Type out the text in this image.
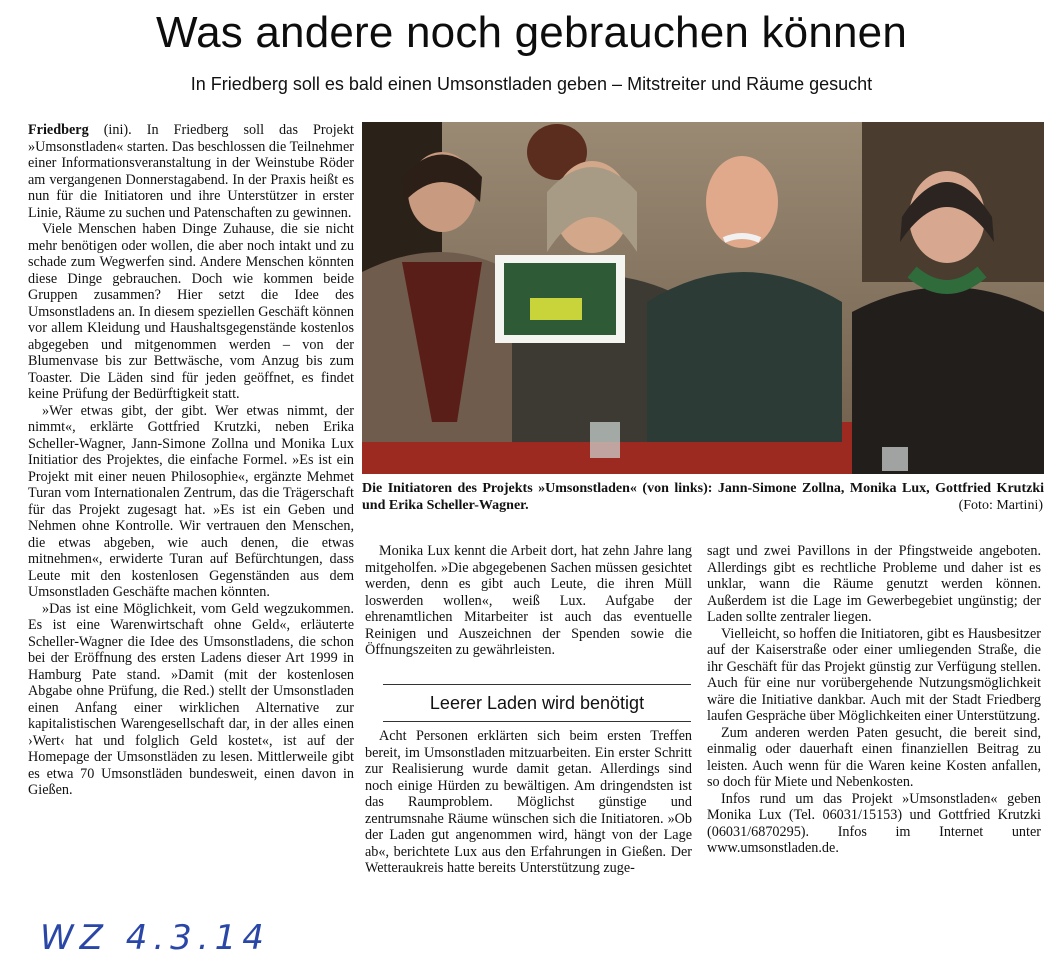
Was andere noch gebrauchen können

In Friedberg soll es bald einen Umsonstladen geben – Mitstreiter und Räume gesucht

Friedberg (ini). In Friedberg soll das Projekt »Umsonstladen« starten. Das beschlossen die Teilnehmer einer Informationsveranstaltung in der Weinstube Röder am vergangenen Donnerstagabend. In der Praxis heißt es nun für die Initiatoren und ihre Unterstützer in erster Linie, Räume zu suchen und Patenschaften zu gewinnen.

Viele Menschen haben Dinge Zuhause, die sie nicht mehr benötigen oder wollen, die aber noch intakt und zu schade zum Wegwerfen sind. Andere Menschen könnten diese Dinge gebrauchen. Doch wie kommen beide Gruppen zusammen? Hier setzt die Idee des Umsonstladens an. In diesem speziellen Geschäft können vor allem Kleidung und Haushaltsgegenstände kostenlos abgegeben und mitgenommen werden – von der Blumenvase bis zur Bettwäsche, vom Anzug bis zum Toaster. Die Läden sind für jeden geöffnet, es findet keine Prüfung der Bedürftigkeit statt.

»Wer etwas gibt, der gibt. Wer etwas nimmt, der nimmt«, erklärte Gottfried Krutzki, neben Erika Scheller-Wagner, Jann-Simone Zollna und Monika Lux Initiatior des Projektes, die einfache Formel. »Es ist ein Projekt mit einer neuen Philosophie«, ergänzte Mehmet Turan vom Internationalen Zentrum, das die Trägerschaft für das Projekt zugesagt hat. »Es ist ein Geben und Nehmen ohne Kontrolle. Wir vertrauen den Menschen, die etwas abgeben, wie auch denen, die etwas mitnehmen«, erwiderte Turan auf Befürchtungen, dass Leute mit den kostenlosen Gegenständen aus dem Umsonstladen Geschäfte machen könnten.

»Das ist eine Möglichkeit, vom Geld wegzukommen. Es ist eine Warenwirtschaft ohne Geld«, erläuterte Scheller-Wagner die Idee des Umsonstladens, die schon bei der Eröffnung des ersten Ladens dieser Art 1999 in Hamburg Pate stand. »Damit (mit der kostenlosen Abgabe ohne Prüfung, die Red.) stellt der Umsonstladen einen Anfang einer wirklichen Alternative zur kapitalistischen Warengesellschaft dar, in der alles einen ›Wert‹ hat und folglich Geld kostet«, ist auf der Homepage der Umsonstläden zu lesen. Mittlerweile gibt es etwa 70 Umsonstläden bundesweit, einen davon in Gießen.

Die Initiatoren des Projekts »Umsonstladen« (von links): Jann-Simone Zollna, Monika Lux, Gottfried Krutzki und Erika Scheller-Wagner.	(Foto: Martini)

Monika Lux kennt die Arbeit dort, hat zehn Jahre lang mitgeholfen. »Die abgegebenen Sachen müssen gesichtet werden, denn es gibt auch Leute, die ihren Müll loswerden wollen«, weiß Lux. Aufgabe der ehrenamtlichen Mitarbeiter ist auch das eventuelle Reinigen und Auszeichnen der Spenden sowie die Öffnungszeiten zu gewährleisten.

Leerer Laden wird benötigt

Acht Personen erklärten sich beim ersten Treffen bereit, im Umsonstladen mitzuarbeiten. Ein erster Schritt zur Realisierung wurde damit getan. Allerdings sind noch einige Hürden zu bewältigen. Am dringendsten ist das Raumproblem. Möglichst günstige und zentrumsnahe Räume wünschen sich die Initiatoren. »Ob der Laden gut angenommen wird, hängt von der Lage ab«, berichtete Lux aus den Erfahrungen in Gießen. Der Wetteraukreis hatte bereits Unterstützung zuge-

sagt und zwei Pavillons in der Pfingstweide angeboten. Allerdings gibt es rechtliche Probleme und daher ist es unklar, wann die Räume genutzt werden können. Außerdem ist die Lage im Gewerbegebiet ungünstig; der Laden sollte zentraler liegen.

Vielleicht, so hoffen die Initiatoren, gibt es Hausbesitzer auf der Kaiserstraße oder einer umliegenden Straße, die ihr Geschäft für das Projekt günstig zur Verfügung stellen. Auch für eine nur vorübergehende Nutzungsmöglichkeit wäre die Initiative dankbar. Auch mit der Stadt Friedberg laufen Gespräche über Möglichkeiten einer Unterstützung.

Zum anderen werden Paten gesucht, die bereit sind, einmalig oder dauerhaft einen finanziellen Beitrag zu leisten. Auch wenn für die Waren keine Kosten anfallen, so doch für Miete und Nebenkosten.

Infos rund um das Projekt »Umsonstladen« geben Monika Lux (Tel. 06031/15153) und Gottfried Krutzki (06031/6870295). Infos im Internet unter www.umsonstladen.de.

WZ 4.3.14
